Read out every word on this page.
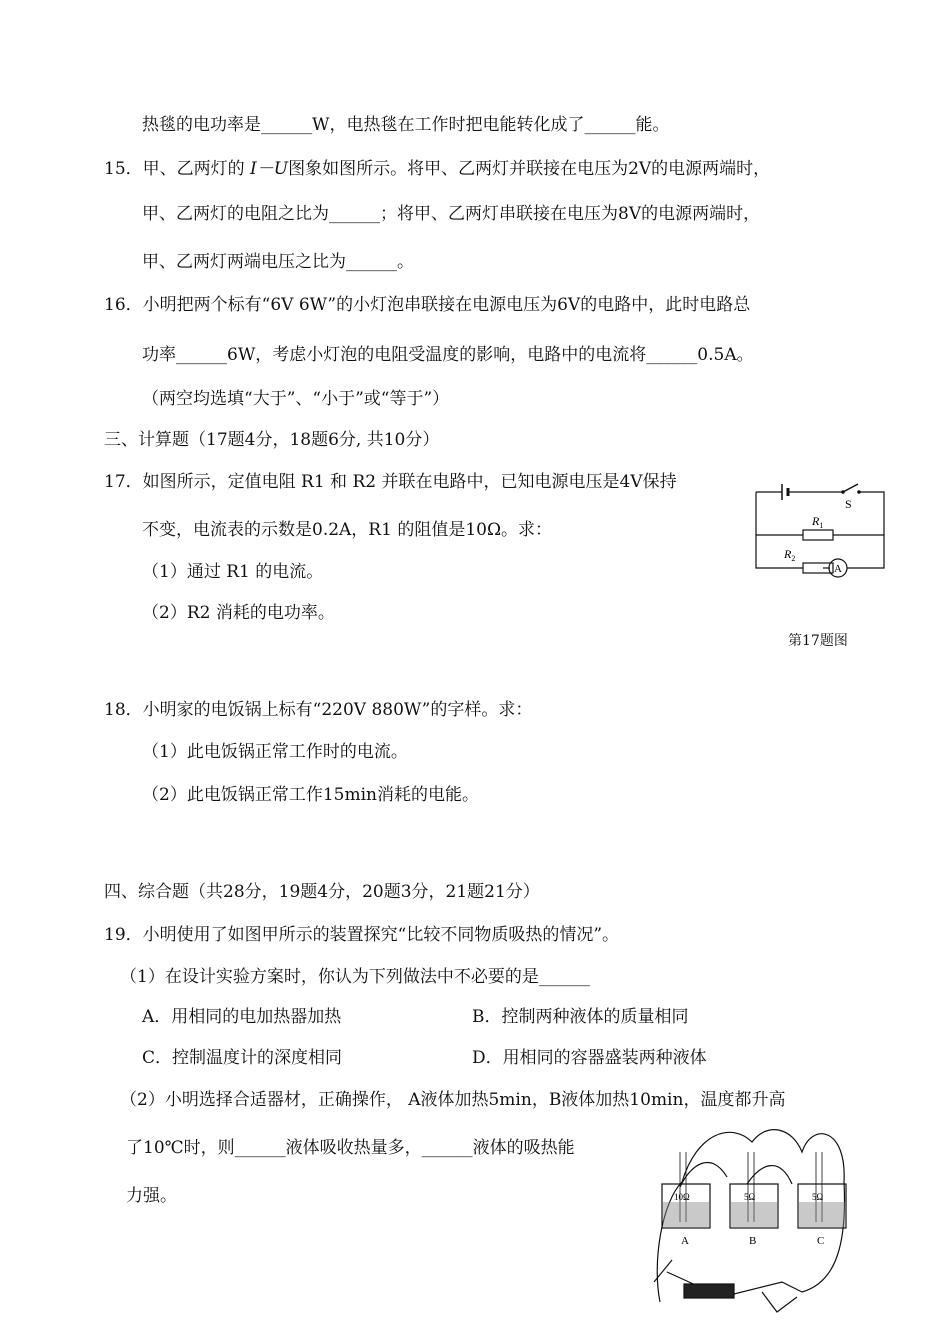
热毯的电功率是______W，电热毯在工作时把电能转化成了______能。
15．甲、乙两灯的 I－U图象如图所示。将甲、乙两灯并联接在电压为2V的电源两端时，
甲、乙两灯的电阻之比为______；将甲、乙两灯串联接在电压为8V的电源两端时，
甲、乙两灯两端电压之比为______。
16．小明把两个标有“6V 6W”的小灯泡串联接在电源电压为6V的电路中，此时电路总
功率______6W，考虑小灯泡的电阻受温度的影响，电路中的电流将______0.5A。
（两空均选填“大于”、“小于”或“等于”）
三、计算题（17题4分，18题6分, 共10分）
17．如图所示，定值电阻 R1 和 R2 并联在电路中，已知电源电压是4V保持
不变，电流表的示数是0.2A，R1 的阻值是10Ω。求：
（1）通过 R1 的电流。
（2）R2 消耗的电功率。
S
$R_1$
$R_2$
A
第17题图
18．小明家的电饭锅上标有“220V 880W”的字样。求：
（1）此电饭锅正常工作时的电流。
（2）此电饭锅正常工作15min消耗的电能。
四、综合题（共28分，19题4分，20题3分，21题21分）
19．小明使用了如图甲所示的装置探究“比较不同物质吸热的情况”。
（1）在设计实验方案时，你认为下列做法中不必要的是______
A．用相同的电加热器加热	B．控制两种液体的质量相同
C．控制温度计的深度相同	D．用相同的容器盛装两种液体
（2）小明选择合适器材，正确操作， A液体加热5min，B液体加热10min，温度都升高
了10℃时，则______液体吸收热量多，______液体的吸热能
力强。	10Ω	5Ω	5Ω
A	B	C
